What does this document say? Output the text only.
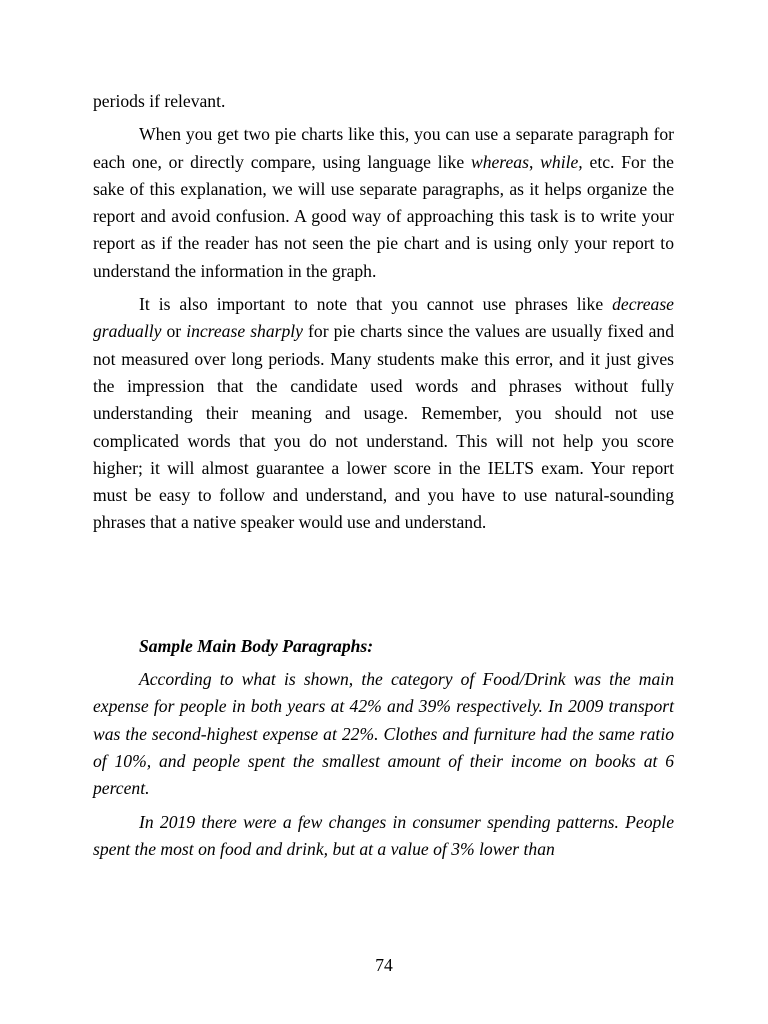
periods if relevant.

When you get two pie charts like this, you can use a separate paragraph for each one, or directly compare, using language like whereas, while, etc. For the sake of this explanation, we will use separate paragraphs, as it helps organize the report and avoid confusion. A good way of approaching this task is to write your report as if the reader has not seen the pie chart and is using only your report to understand the information in the graph.

It is also important to note that you cannot use phrases like decrease gradually or increase sharply for pie charts since the values are usually fixed and not measured over long periods. Many students make this error, and it just gives the impression that the candidate used words and phrases without fully understanding their meaning and usage. Remember, you should not use complicated words that you do not understand. This will not help you score higher; it will almost guarantee a lower score in the IELTS exam. Your report must be easy to follow and understand, and you have to use natural-sounding phrases that a native speaker would use and understand.

Sample Main Body Paragraphs:

According to what is shown, the category of Food/Drink was the main expense for people in both years at 42% and 39% respectively. In 2009 transport was the second-highest expense at 22%. Clothes and furniture had the same ratio of 10%, and people spent the smallest amount of their income on books at 6 percent.

In 2019 there were a few changes in consumer spending patterns. People spent the most on food and drink, but at a value of 3% lower than

74
